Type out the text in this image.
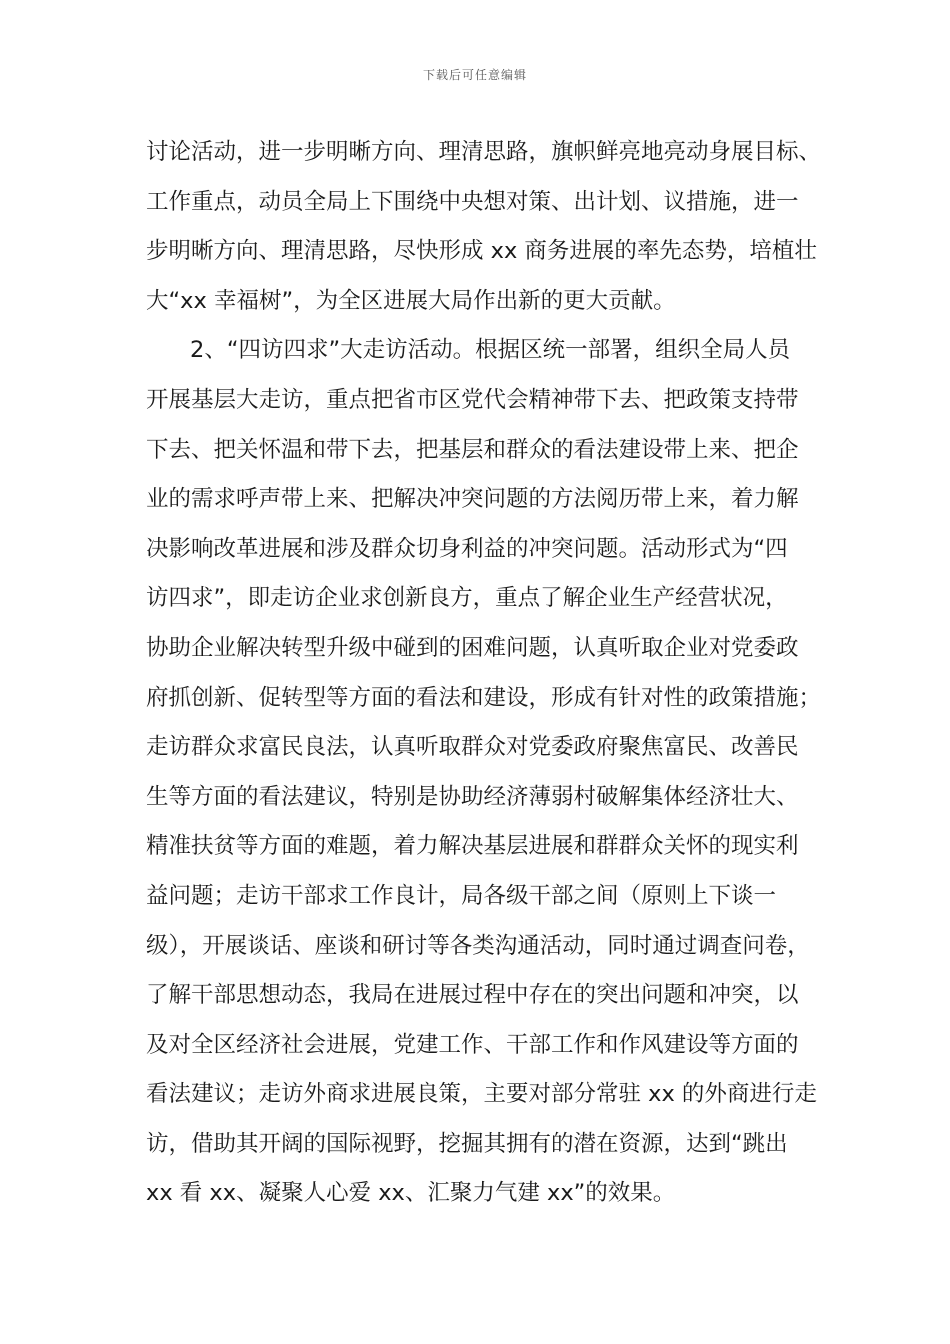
下载后可任意编辑
讨论活动，进一步明晰方向、理清思路，旗帜鲜亮地亮动身展目标、
工作重点，动员全局上下围绕中央想对策、出计划、议措施，进一
步明晰方向、理清思路，尽快形成 xx 商务进展的率先态势，培植壮
大“xx 幸福树”，为全区进展大局作出新的更大贡献。
2、“四访四求”大走访活动。根据区统一部署，组织全局人员
开展基层大走访，重点把省市区党代会精神带下去、把政策支持带
下去、把关怀温和带下去，把基层和群众的看法建设带上来、把企
业的需求呼声带上来、把解决冲突问题的方法阅历带上来，着力解
决影响改革进展和涉及群众切身利益的冲突问题。活动形式为“四
访四求”，即走访企业求创新良方，重点了解企业生产经营状况，
协助企业解决转型升级中碰到的困难问题，认真听取企业对党委政
府抓创新、促转型等方面的看法和建设，形成有针对性的政策措施；
走访群众求富民良法，认真听取群众对党委政府聚焦富民、改善民
生等方面的看法建议，特别是协助经济薄弱村破解集体经济壮大、
精准扶贫等方面的难题，着力解决基层进展和群群众关怀的现实利
益问题；走访干部求工作良计，局各级干部之间（原则上下谈一
级），开展谈话、座谈和研讨等各类沟通活动，同时通过调查问卷，
了解干部思想动态，我局在进展过程中存在的突出问题和冲突，以
及对全区经济社会进展，党建工作、干部工作和作风建设等方面的
看法建议；走访外商求进展良策，主要对部分常驻 xx 的外商进行走
访，借助其开阔的国际视野，挖掘其拥有的潜在资源，达到“跳出
xx 看 xx、凝聚人心爱 xx、汇聚力气建 xx”的效果。
